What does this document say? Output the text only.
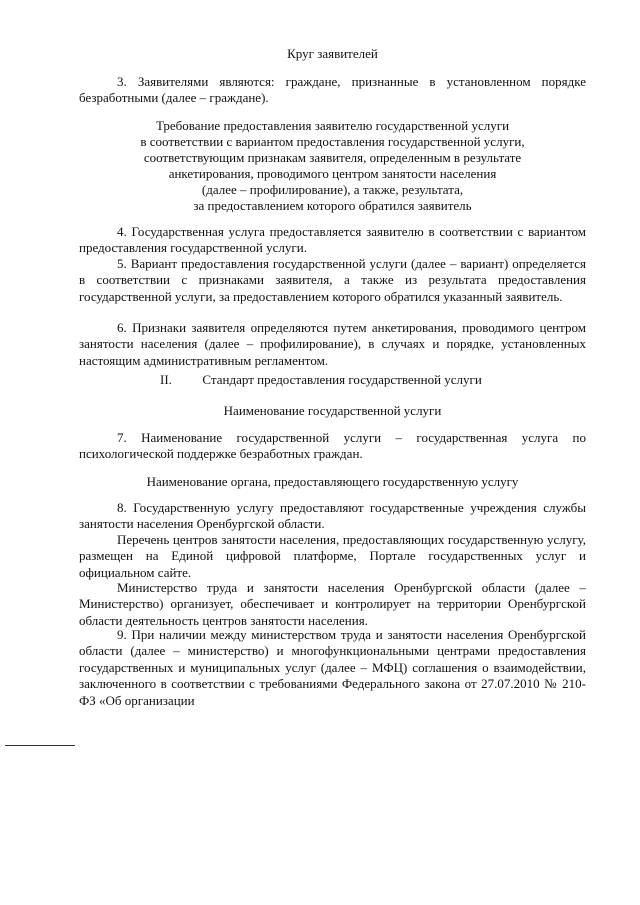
Круг заявителей
3. Заявителями являются: граждане, признанные в установленном порядке безработными (далее – граждане).
Требование предоставления заявителю государственной услуги
в соответствии с вариантом предоставления государственной услуги,
соответствующим признакам заявителя, определенным в результате
анкетирования, проводимого центром занятости населения
(далее – профилирование), а также, результата,
за предоставлением которого обратился заявитель
4. Государственная услуга предоставляется заявителю в соответствии с вариантом предоставления государственной услуги.
5. Вариант предоставления государственной услуги (далее – вариант) определяется в соответствии с признаками заявителя, а также из результата предоставления государственной услуги, за предоставлением которого обратился указанный заявитель.
6. Признаки заявителя определяются путем анкетирования, проводимого центром занятости населения (далее – профилирование), в случаях и порядке, установленных настоящим административным регламентом.
II. Стандарт предоставления государственной услуги
Наименование государственной услуги
7. Наименование государственной услуги – государственная услуга по психологической поддержке безработных граждан.
Наименование органа, предоставляющего государственную услугу
8. Государственную услугу предоставляют государственные учреждения службы занятости населения Оренбургской области.
Перечень центров занятости населения, предоставляющих государственную услугу, размещен на Единой цифровой платформе, Портале государственных услуг и официальном сайте.
Министерство труда и занятости населения Оренбургской области (далее – Министерство) организует, обеспечивает и контролирует на территории Оренбургской области деятельность центров занятости населения.
9. При наличии между министерством труда и занятости населения Оренбургской области (далее – министерство) и многофункциональными центрами предоставления государственных и муниципальных услуг (далее – МФЦ) соглашения о взаимодействии, заключенного в соответствии с требованиями Федерального закона от 27.07.2010 № 210-ФЗ «Об организации
